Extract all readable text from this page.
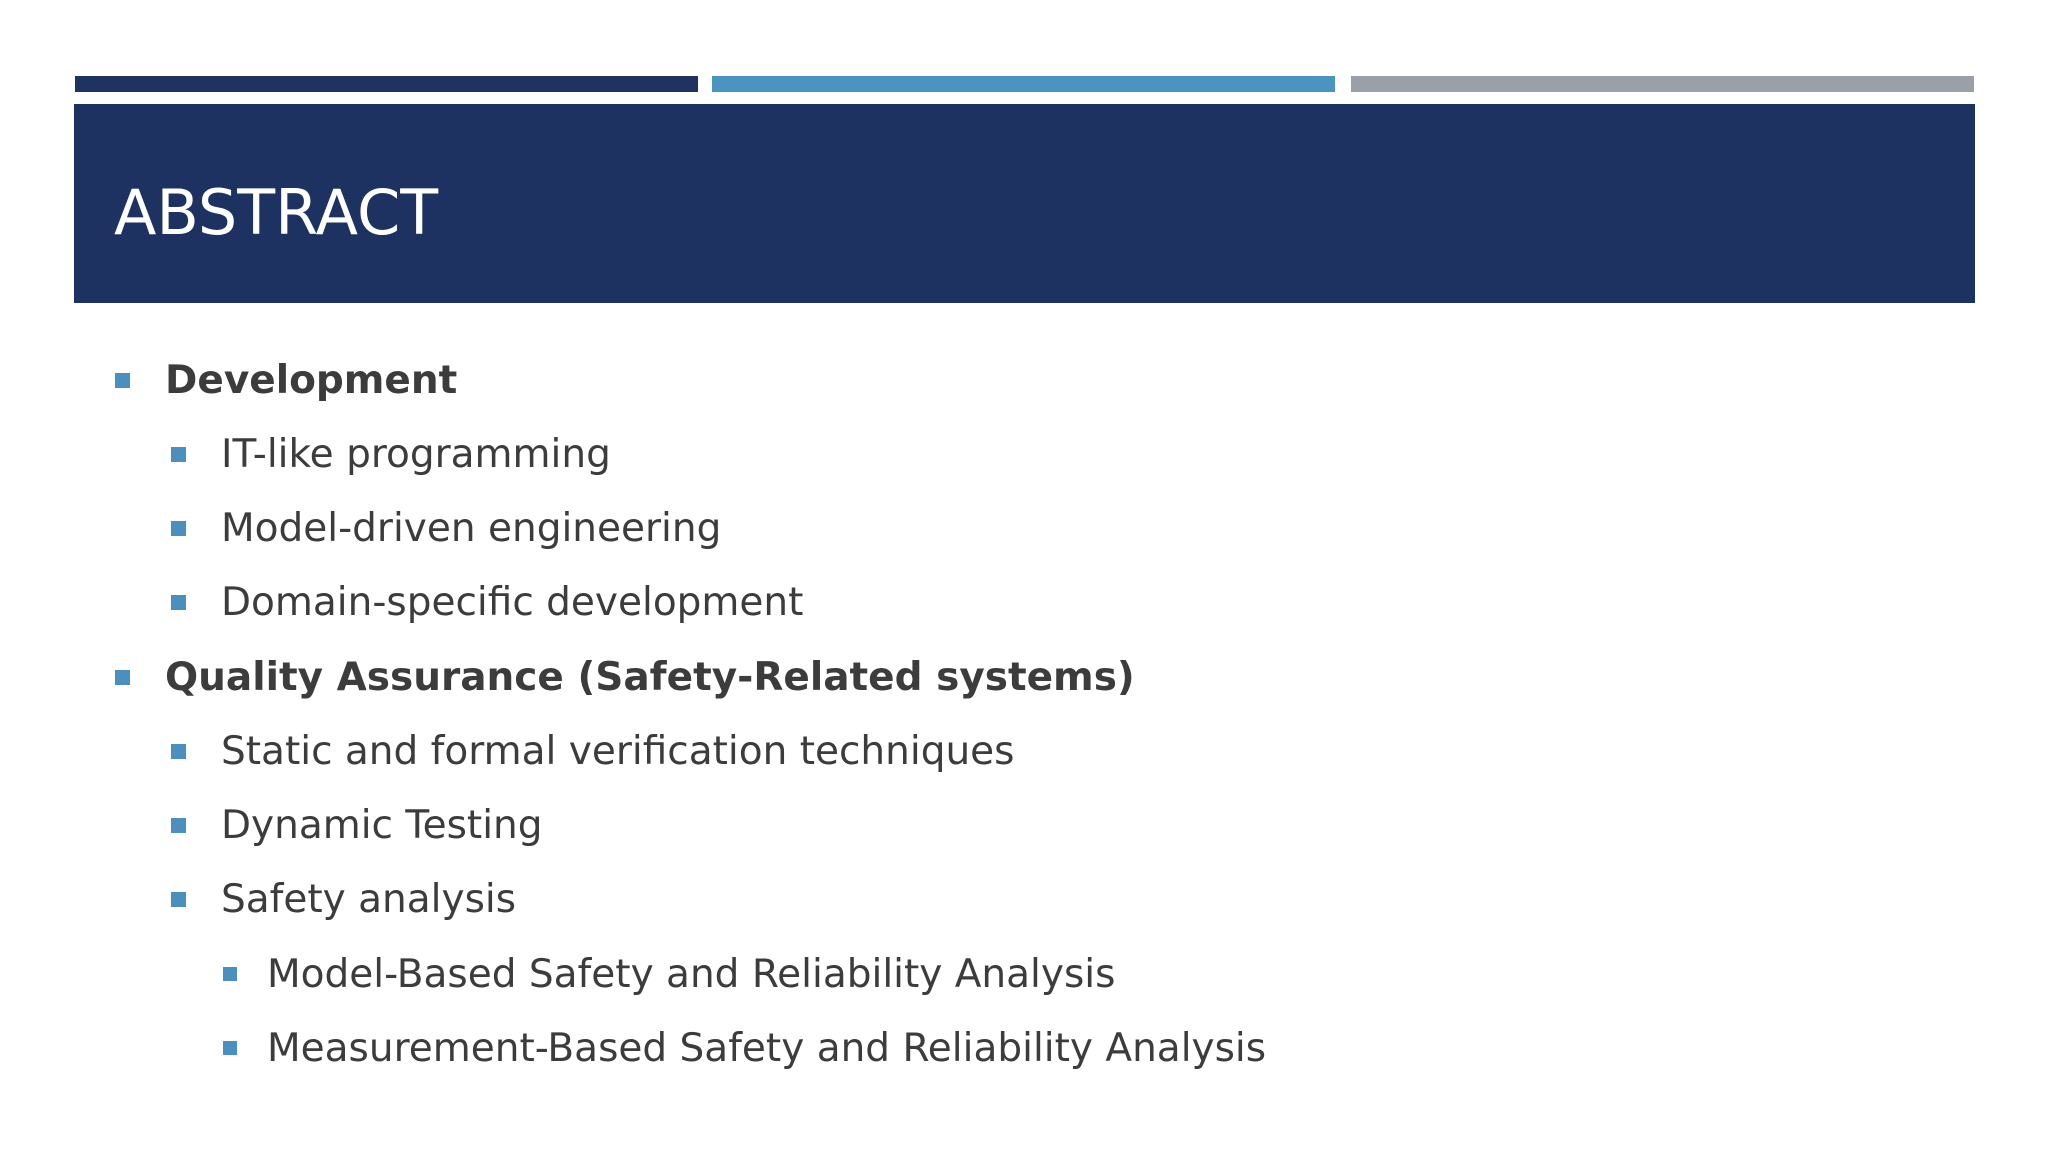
ABSTRACT
Development
IT-like programming
Model-driven engineering
Domain-specific development
Quality Assurance (Safety-Related systems)
Static and formal verification techniques
Dynamic Testing
Safety analysis
Model-Based Safety and Reliability Analysis
Measurement-Based Safety and Reliability Analysis
